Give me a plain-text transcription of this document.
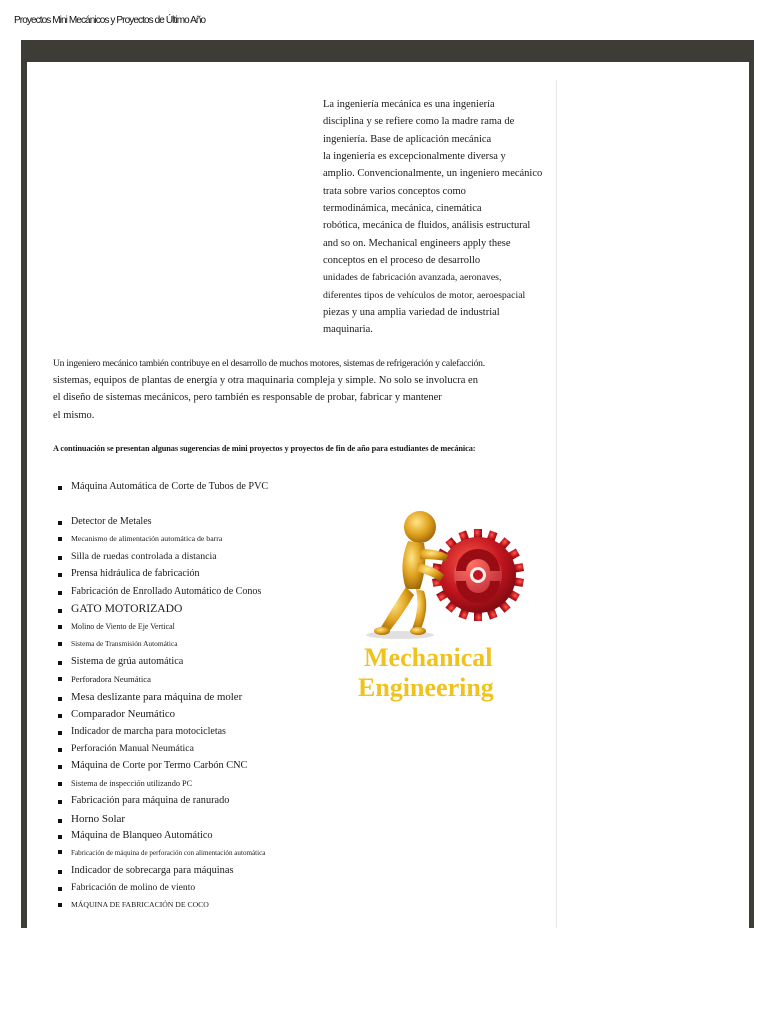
Proyectos Mini Mecánicos y Proyectos de Último Año
La ingeniería mecánica es una ingeniería
disciplina y se refiere como la madre rama de
ingeniería. Base de aplicación mecánica
la ingeniería es excepcionalmente diversa y
amplio. Convencionalmente, un ingeniero mecánico
trata sobre varios conceptos como
termodinámica, mecánica, cinemática
robótica, mecánica de fluidos, análisis estructural
and so on. Mechanical engineers apply these
conceptos en el proceso de desarrollo
unidades de fabricación avanzada, aeronaves,
diferentes tipos de vehículos de motor, aeroespacial
piezas y una amplia variedad de industrial
maquinaria.
Un ingeniero mecánico también contribuye en el desarrollo de muchos motores, sistemas de refrigeración y calefacción.
sistemas, equipos de plantas de energía y otra maquinaria compleja y simple. No solo se involucra en
el diseño de sistemas mecánicos, pero también es responsable de probar, fabricar y mantener
el mismo.
A continuación se presentan algunas sugerencias de mini proyectos y proyectos de fin de año para estudiantes de mecánica:
Máquina Automática de Corte de Tubos de PVC
Detector de Metales
Mecanismo de alimentación automática de barra
Silla de ruedas controlada a distancia
Prensa hidráulica de fabricación
Fabricación de Enrollado Automático de Conos
GATO MOTORIZADO
Molino de Viento de Eje Vertical
Sistema de Transmisión Automática
Sistema de grúa automática
Perforadora Neumática
Mesa deslizante para máquina de moler
Comparador Neumático
Indicador de marcha para motocicletas
Perforación Manual Neumática
Máquina de Corte por Termo Carbón CNC
Sistema de inspección utilizando PC
Fabricación para máquina de ranurado
Horno Solar
Máquina de Blanqueo Automático
Fabricación de máquina de perforación con alimentación automática
Indicador de sobrecarga para máquinas
Fabricación de molino de viento
MÁQUINA DE FABRICACIÓN DE COCO
Mechanical
Engineering
